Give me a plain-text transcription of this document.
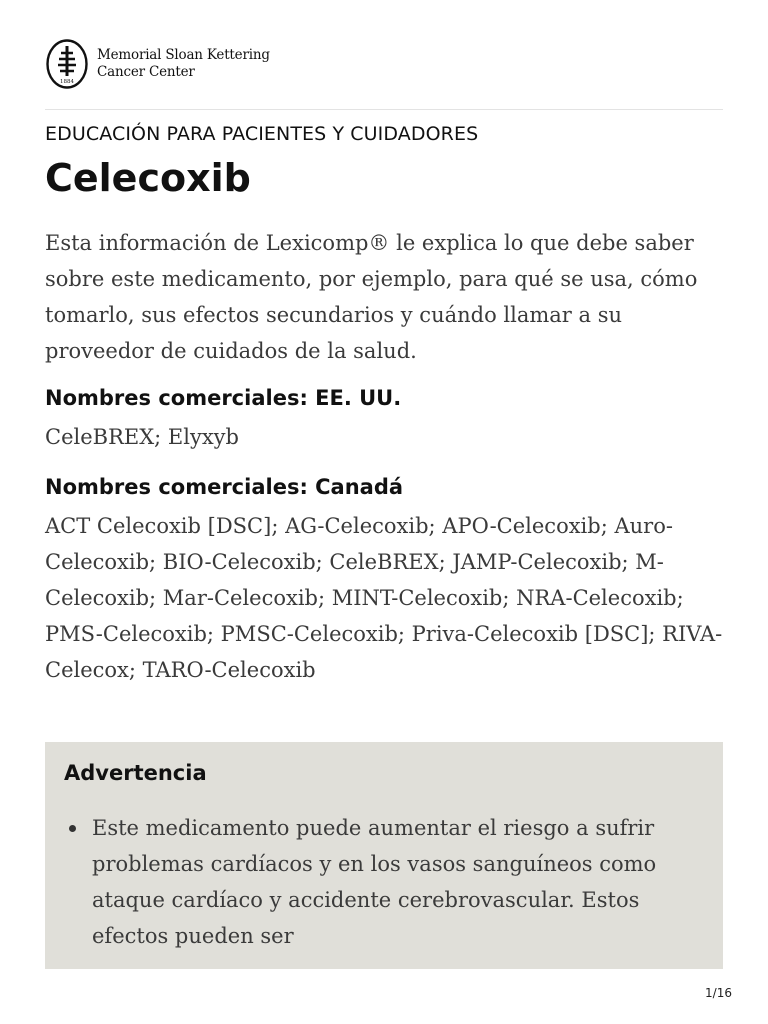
1884
Memorial Sloan Kettering
Cancer Center
EDUCACIÓN PARA PACIENTES Y CUIDADORES
Celecoxib

Esta información de Lexicomp® le explica lo que debe saber sobre este medicamento, por ejemplo, para qué se usa, cómo tomarlo, sus efectos secundarios y cuándo llamar a su proveedor de cuidados de la salud.

Nombres comerciales: EE. UU.

CeleBREX; Elyxyb

Nombres comerciales: Canadá

ACT Celecoxib [DSC]; AG-Celecoxib; APO-Celecoxib; Auro-Celecoxib; BIO-Celecoxib; CeleBREX; JAMP-Celecoxib; M-Celecoxib; Mar-Celecoxib; MINT-Celecoxib; NRA-Celecoxib; PMS-Celecoxib; PMSC-Celecoxib; Priva-Celecoxib [DSC]; RIVA-Celecox; TARO-Celecoxib

Advertencia
Este medicamento puede aumentar el riesgo a sufrir problemas cardíacos y en los vasos sanguíneos como ataque cardíaco y accidente cerebrovascular. Estos efectos pueden ser
1/16
